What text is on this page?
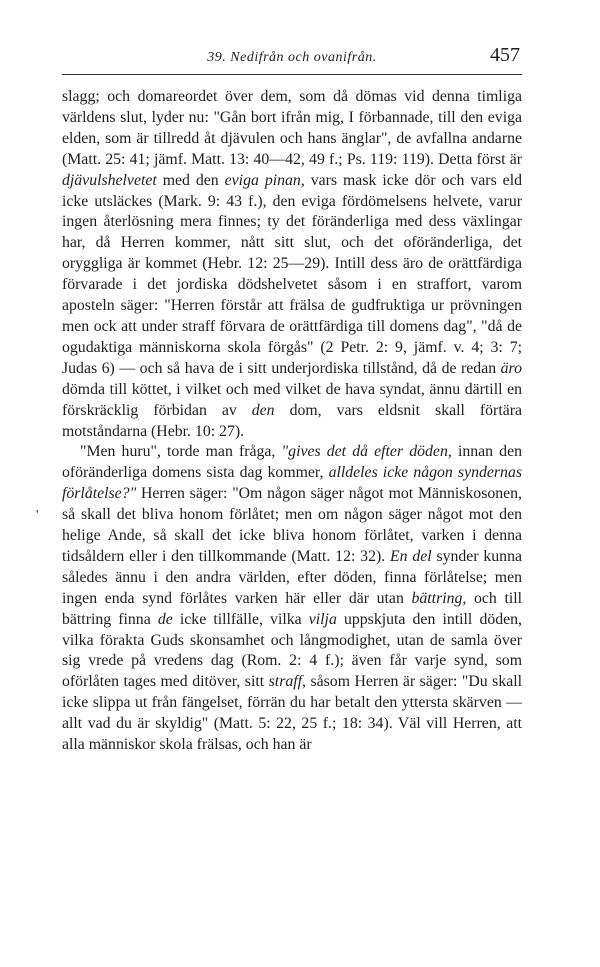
39. Nedifrån och ovanifrån.	457
'

slagg; och domareordet över dem, som då dömas vid denna timliga världens slut, lyder nu: "Gån bort ifrån mig, I förbannade, till den eviga elden, som är tillredd åt djävulen och hans änglar", de avfallna andarne (Matt. 25: 41; jämf. Matt. 13: 40—42, 49 f.; Ps. 119: 119). Detta först är djävulshelvetet med den eviga pinan, vars mask icke dör och vars eld icke utsläckes (Mark. 9: 43 f.), den eviga fördömelsens helvete, varur ingen återlösning mera finnes; ty det föränderliga med dess växlingar har, då Herren kommer, nått sitt slut, och det oföränderliga, det oryggliga är kommet (Hebr. 12: 25—29). Intill dess äro de orättfärdiga förvarade i det jordiska dödshelvetet såsom i en straffort, varom aposteln säger: "Herren förstår att frälsa de gudfruktiga ur prövningen men ock att under straff förvara de orättfärdiga till domens dag", "då de ogudaktiga människorna skola förgås" (2 Petr. 2: 9, jämf. v. 4; 3: 7; Judas 6) — och så hava de i sitt underjordiska tillstånd, då de redan äro dömda till köttet, i vilket och med vilket de hava syndat, ännu därtill en förskräcklig förbidan av den dom, vars eldsnit skall förtära motståndarna (Hebr. 10: 27).

"Men huru", torde man fråga, "gives det då efter döden, innan den oföränderliga domens sista dag kommer, alldeles icke någon syndernas förlåtelse?" Herren säger: "Om någon säger något mot Människosonen, så skall det bliva honom förlåtet; men om någon säger något mot den helige Ande, så skall det icke bliva honom förlåtet, varken i denna tidsåldern eller i den tillkommande (Matt. 12: 32). En del synder kunna således ännu i den andra världen, efter döden, finna förlåtelse; men ingen enda synd förlåtes varken här eller där utan bättring, och till bättring finna de icke tillfälle, vilka vilja uppskjuta den intill döden, vilka förakta Guds skonsamhet och långmodighet, utan de samla över sig vrede på vredens dag (Rom. 2: 4 f.); även får varje synd, som oförlåten tages med ditöver, sitt straff, såsom Herren är säger: "Du skall icke slippa ut från fängelset, förrän du har betalt den yttersta skärven — allt vad du är skyldig" (Matt. 5: 22, 25 f.; 18: 34). Väl vill Herren, att alla människor skola frälsas, och han är
